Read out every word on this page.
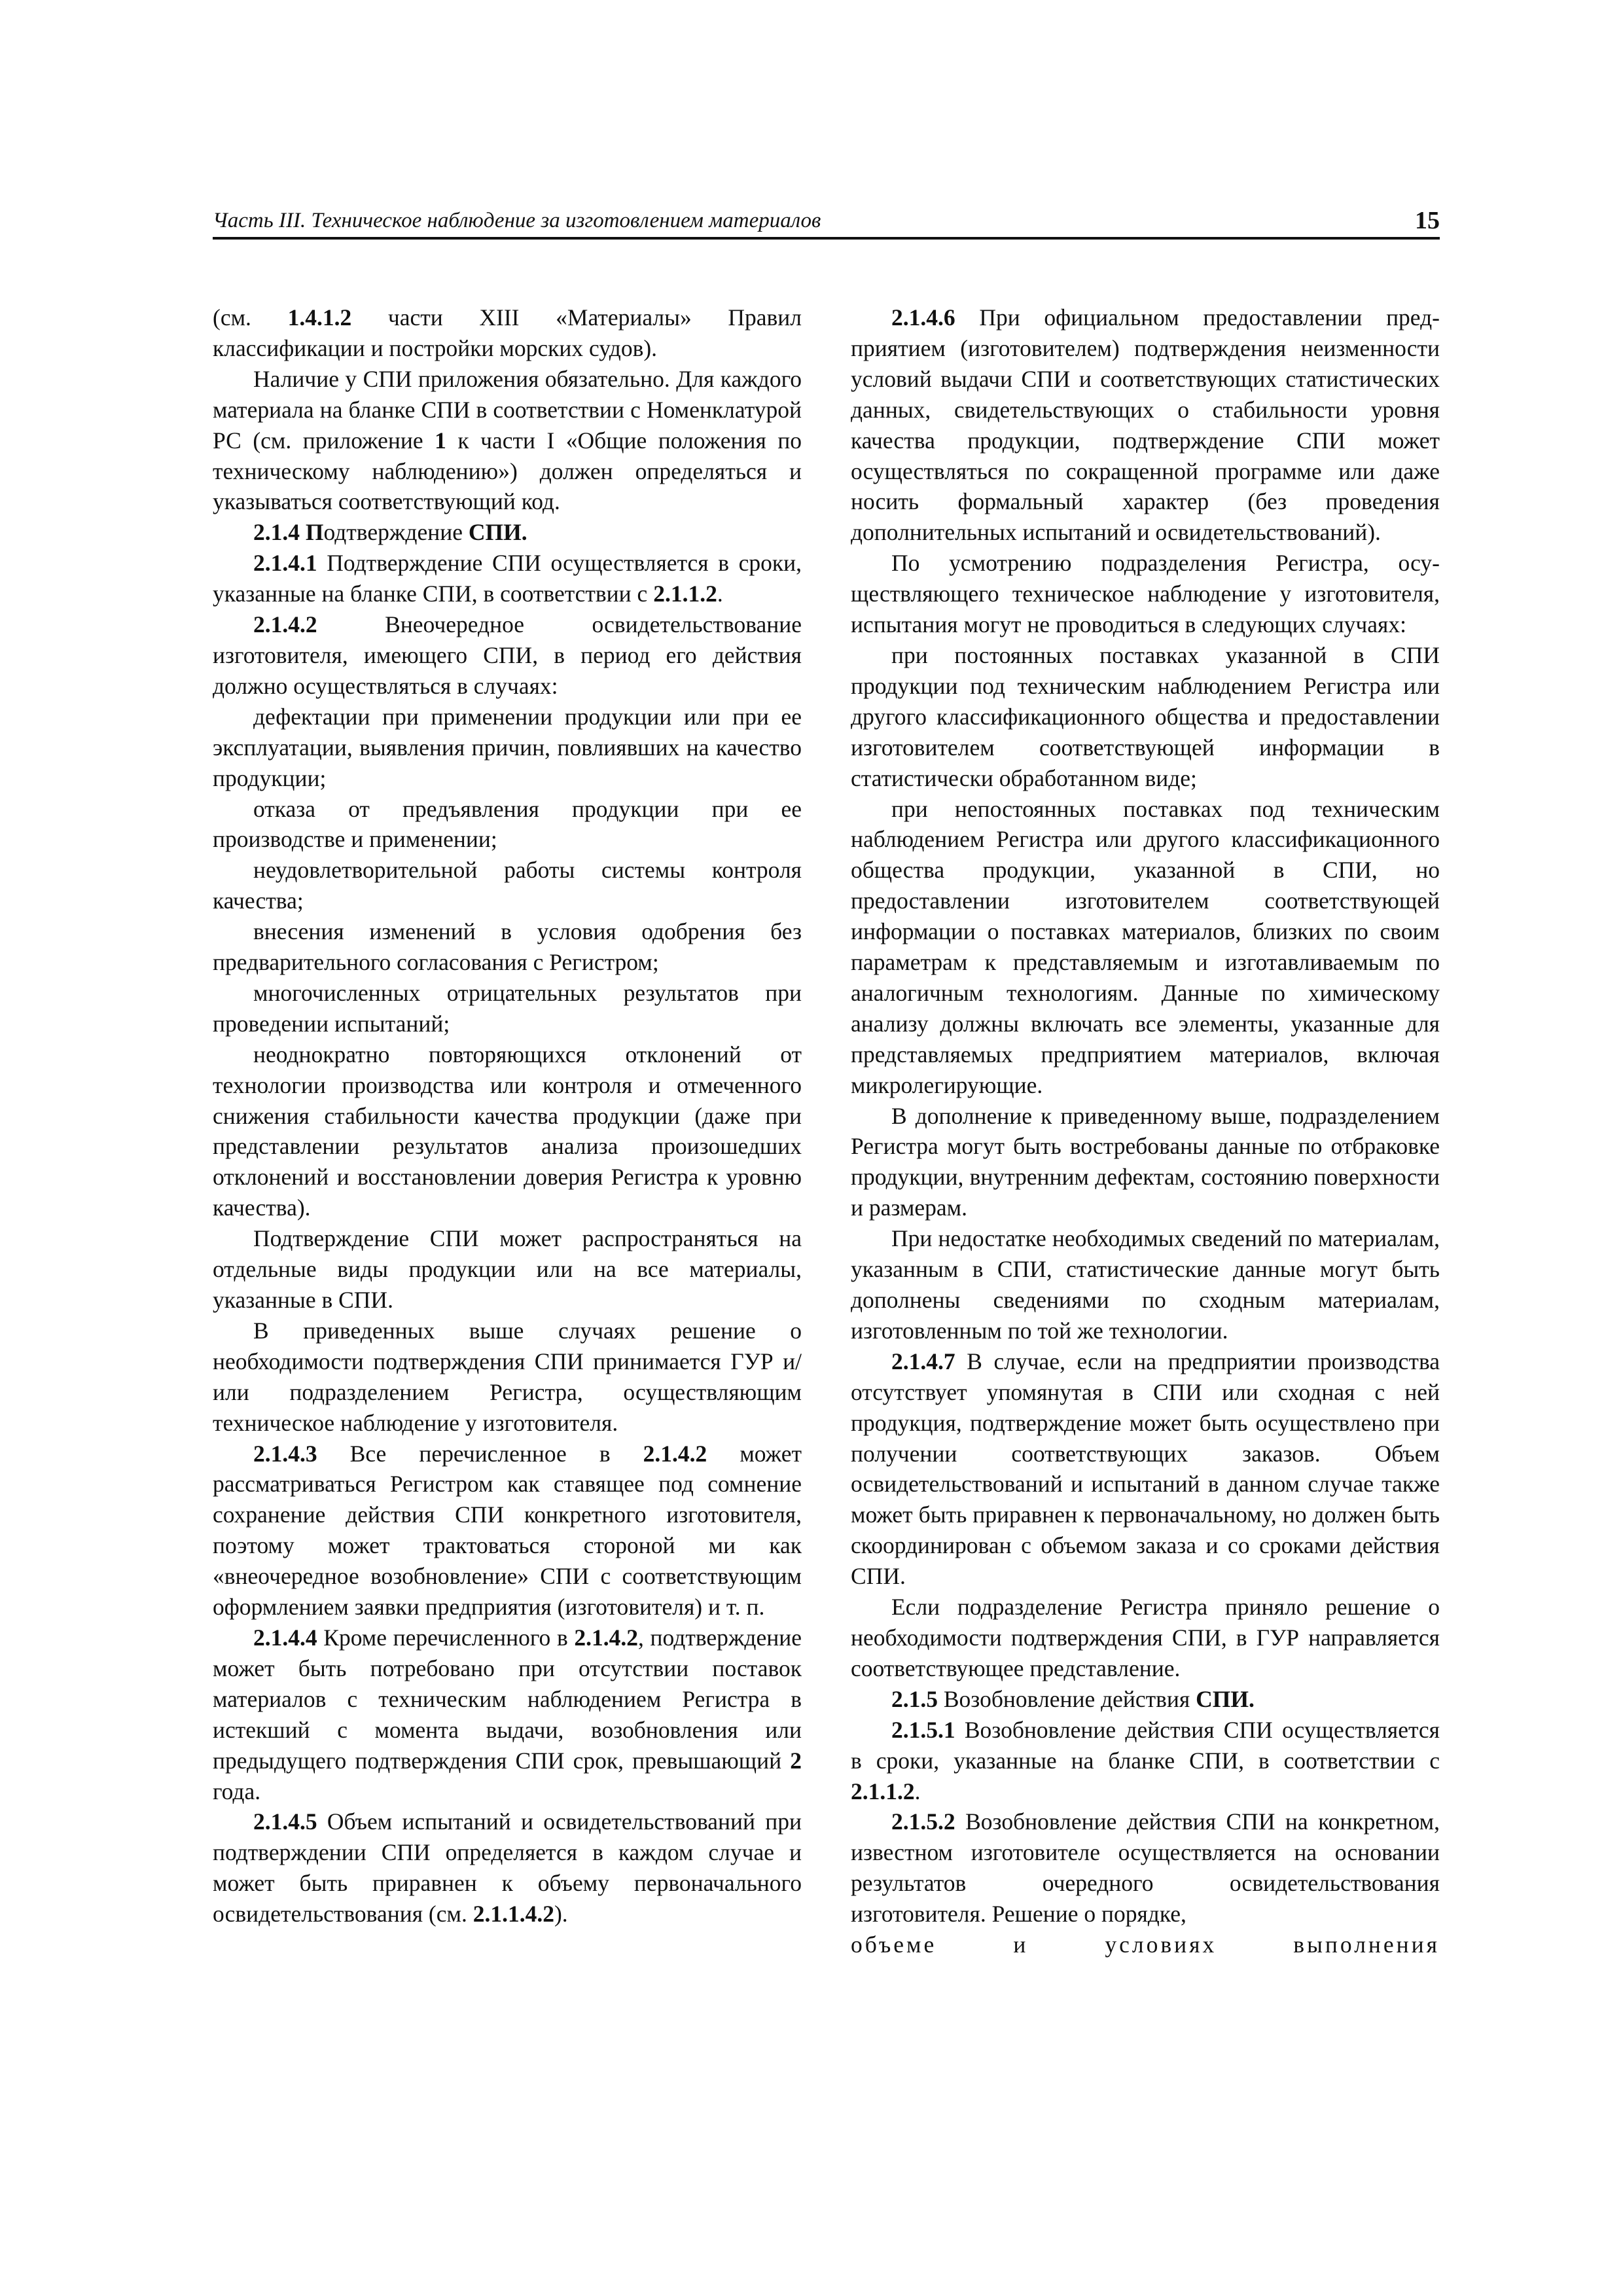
Часть III. Техническое наблюдение за изготовлением материалов	15

(см. 1.4.1.2 части XIII «Материалы» Правил классификации и постройки морских судов).

Наличие у СПИ приложения обязательно. Для каждого материала на бланке СПИ в соответствии с Номенклатурой РС (см. приложение 1 к части I «Общие положения по техническому наблюдению») должен определяться и указываться соответствующий код.

2.1.4 Подтверждение СПИ.

2.1.4.1 Подтверждение СПИ осуществляется в сроки, указанные на бланке СПИ, в соответствии с 2.1.1.2.

2.1.4.2 Внеочередное освидетельствование изготовителя, имеющего СПИ, в период его действия должно осуществляться в случаях:

дефектации при применении продукции или при ее эксплуатации, выявления причин, повлиявших на качество продукции;

отказа от предъявления продукции при ее производстве и применении;

неудовлетворительной работы системы контроля качества;

внесения изменений в условия одобрения без предварительного согласования с Регистром;

многочисленных отрицательных результатов при проведении испытаний;

неоднократно повторяющихся отклонений от технологии производства или контроля и отмеченного снижения стабильности качества продукции (даже при представлении результатов анализа произошедших отклонений и восстановлении доверия Регистра к уровню качества).

Подтверждение СПИ может распространяться на отдельные виды продукции или на все материалы, указанные в СПИ.

В приведенных выше случаях решение о необходимости подтверждения СПИ принимается ГУР и/или подразделением Регистра, осуществляющим техническое наблюдение у изготовителя.

2.1.4.3 Все перечисленное в 2.1.4.2 может рассматриваться Регистром как ставящее под сомнение сохранение действия СПИ конкретного изготовителя, поэтому может трактоваться стороной ми как «внеочередное возобновление» СПИ с соответствующим оформлением заявки предприятия (изготовителя) и т. п.

2.1.4.4 Кроме перечисленного в 2.1.4.2, подтверждение может быть потребовано при отсутствии поставок материалов с техническим наблюдением Регистра в истекший с момента выдачи, возобновления или предыдущего подтверждения СПИ срок, превышающий 2 года.

2.1.4.5 Объем испытаний и освидетельствований при подтверждении СПИ определяется в каждом случае и может быть приравнен к объему первоначального освидетельствования (см. 2.1.1.4.2).

2.1.4.6 При официальном предоставлении предприятием (изготовителем) подтверждения неизменности условий выдачи СПИ и соответствующих статистических данных, свидетельствующих о стабильности уровня качества продукции, подтверждение СПИ может осуществляться по сокращенной программе или даже носить формальный характер (без проведения дополнительных испытаний и освидетельствований).

По усмотрению подразделения Регистра, осуществляющего техническое наблюдение у изготовителя, испытания могут не проводиться в следующих случаях:

при постоянных поставках указанной в СПИ продукции под техническим наблюдением Регистра или другого классификационного общества и предоставлении изготовителем соответствующей информации в статистически обработанном виде;

при непостоянных поставках под техническим наблюдением Регистра или другого классификационного общества продукции, указанной в СПИ, но предоставлении изготовителем соответствующей информации о поставках материалов, близких по своим параметрам к представляемым и изготавливаемым по аналогичным технологиям. Данные по химическому анализу должны включать все элементы, указанные для представляемых предприятием материалов, включая микролегирующие.

В дополнение к приведенному выше, подразделением Регистра могут быть востребованы данные по отбраковке продукции, внутренним дефектам, состоянию поверхности и размерам.

При недостатке необходимых сведений по материалам, указанным в СПИ, статистические данные могут быть дополнены сведениями по сходным материалам, изготовленным по той же технологии.

2.1.4.7 В случае, если на предприятии производства отсутствует упомянутая в СПИ или сходная с ней продукция, подтверждение может быть осуществлено при получении соответствующих заказов. Объем освидетельствований и испытаний в данном случае также может быть приравнен к первоначальному, но должен быть скоординирован с объемом заказа и со сроками действия СПИ.

Если подразделение Регистра приняло решение о необходимости подтверждения СПИ, в ГУР направляется соответствующее представление.

2.1.5 Возобновление действия СПИ.

2.1.5.1 Возобновление действия СПИ осуществляется в сроки, указанные на бланке СПИ, в соответствии с 2.1.1.2.

2.1.5.2 Возобновление действия СПИ на конкретном, известном изготовителе осуществляется на основании результатов очередного освидетельствования изготовителя. Решение о порядке,

объеме и условиях выполнения
